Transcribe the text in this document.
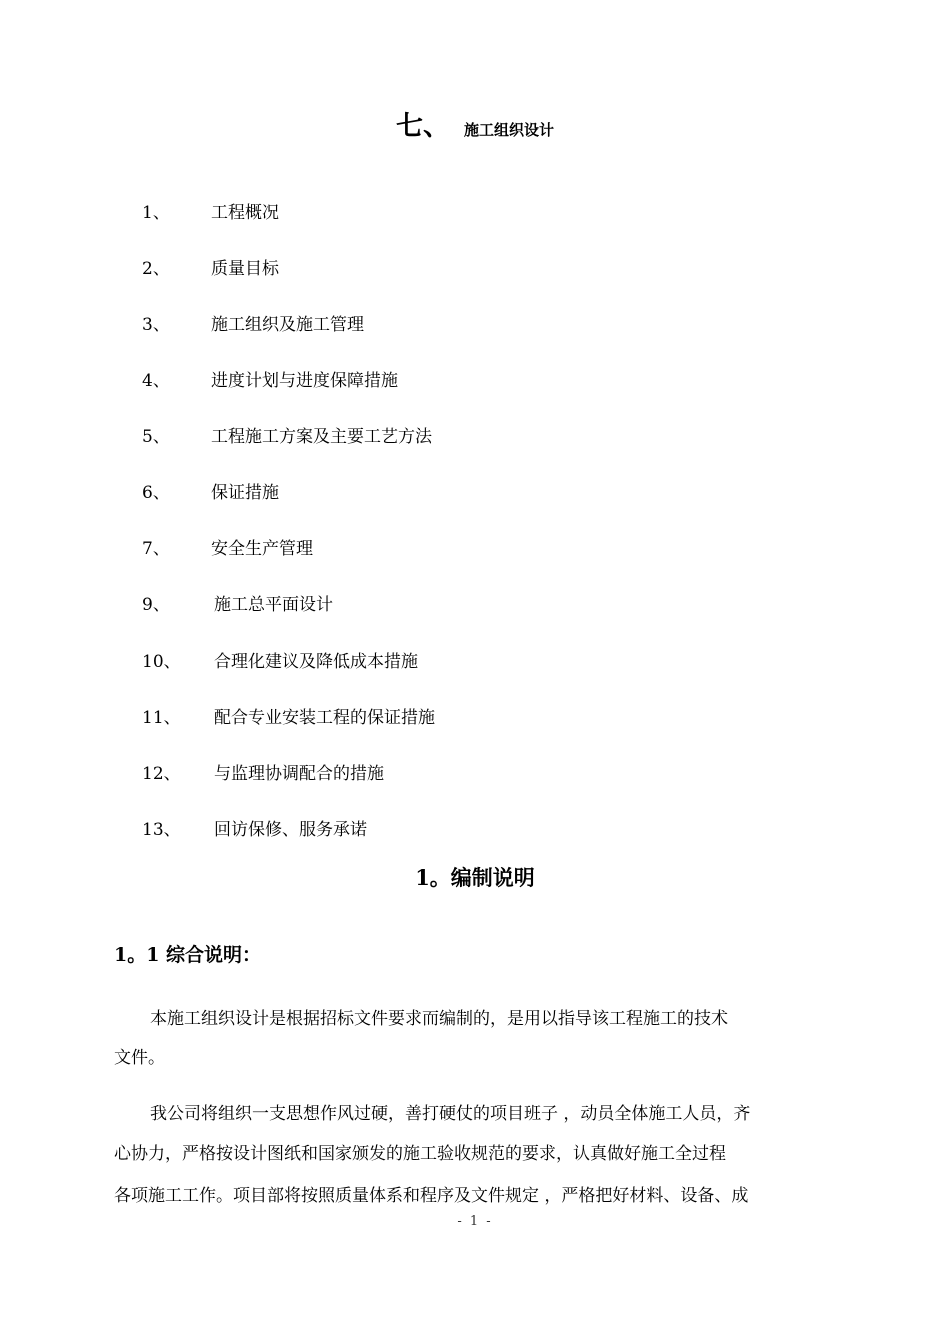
七、 施工组织设计
1、 工程概况
2、 质量目标
3、 施工组织及施工管理
4、 进度计划与进度保障措施
5、 工程施工方案及主要工艺方法
6、 保证措施
7、 安全生产管理
9、	施工总平面设计
10、 合理化建议及降低成本措施
11、 配合专业安装工程的保证措施
12、 与监理协调配合的措施
13、 回访保修、服务承诺
1。编制说明
1。1 综合说明：
本施工组织设计是根据招标文件要求而编制的，是用以指导该工程施工的技术
文件。
我公司将组织一支思想作风过硬，善打硬仗的项目班子 ，动员全体施工人员，齐
心协力，严格按设计图纸和国家颁发的施工验收规范的要求，认真做好施工全过程
各项施工工作。项目部将按照质量体系和程序及文件规定 ，严格把好材料、设备、成
- 1 -
